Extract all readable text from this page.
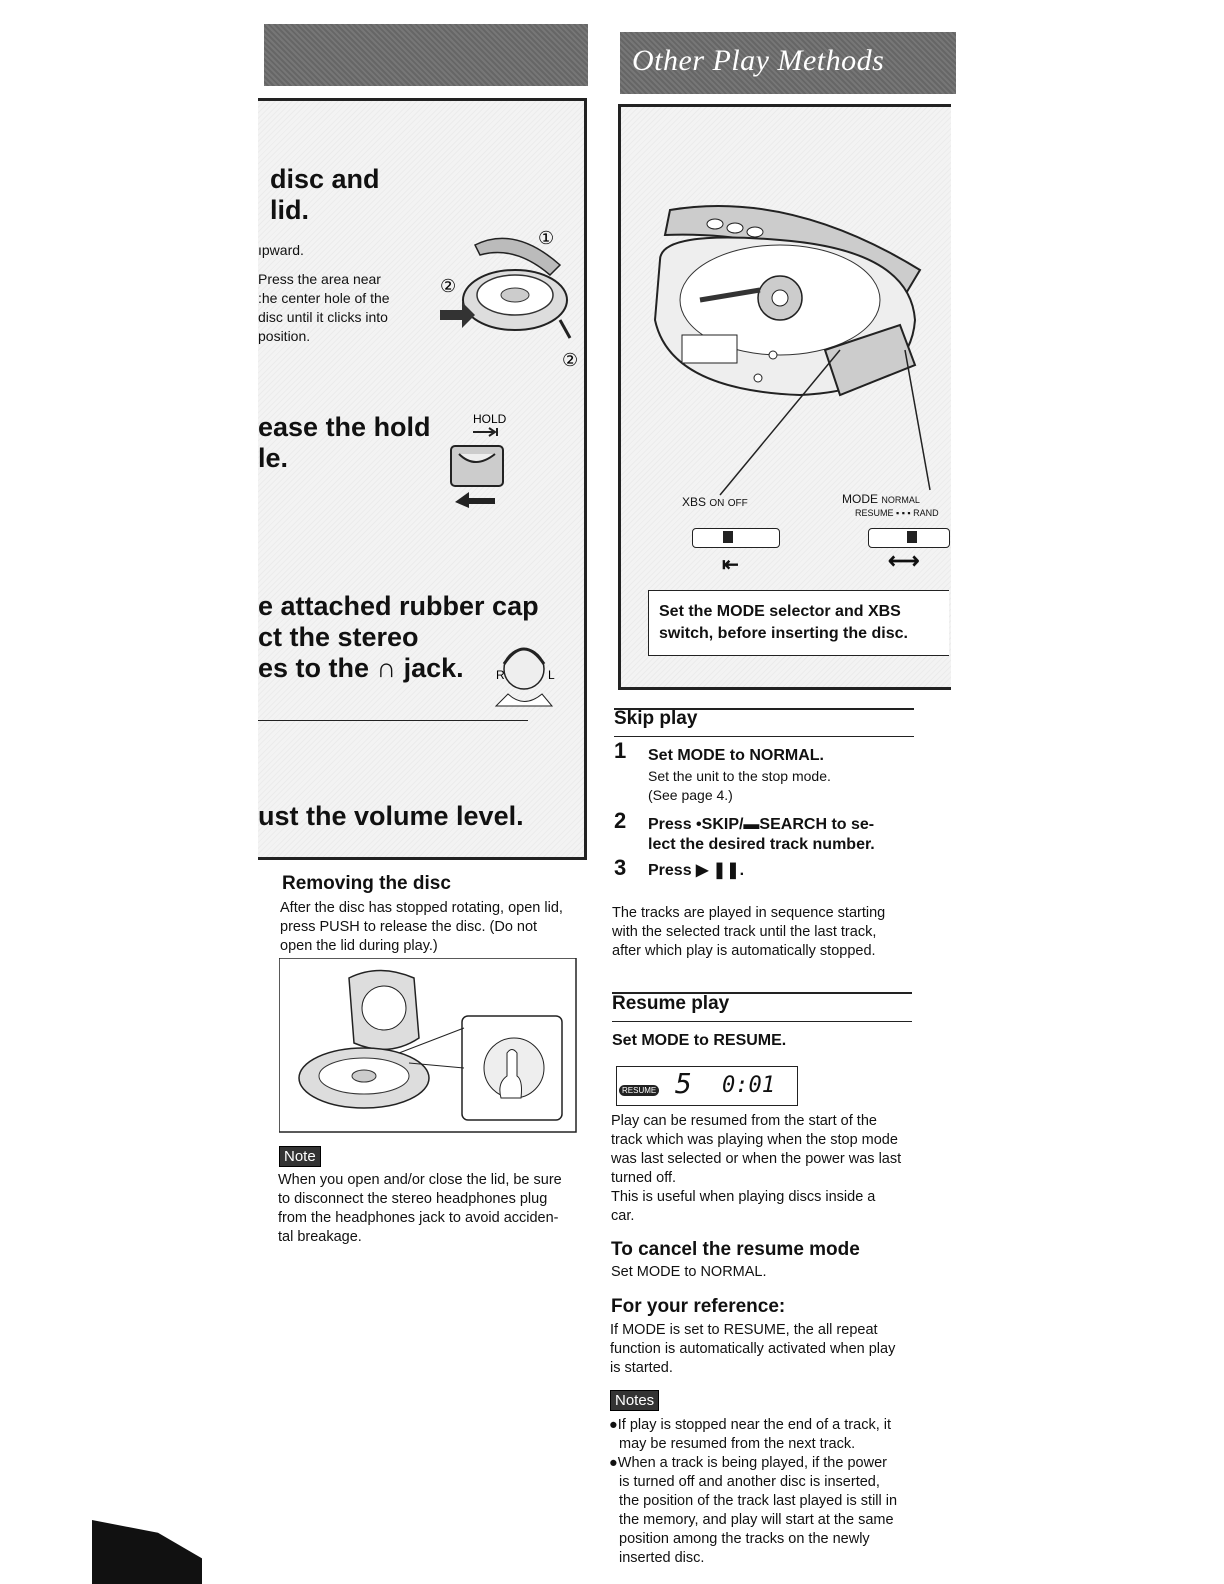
disc and
lid.
ıpward.
Press the area near
:he center hole of the
disc until it clicks into
position.
①
②
②
ease the hold
le.
HOLD
e attached rubber cap
ct the stereo
es to the ∩ jack.	R	L
ust the volume level.
Removing the disc
After the disc has stopped rotating, open lid,
press PUSH to release the disc. (Do not
open the lid during play.)
Note
When you open and/or close the lid, be sure
to disconnect the stereo headphones plug
from the headphones jack to avoid acciden-
tal breakage.
Other Play Methods
XBS ON OFF
⇤
MODE NORMAL
RESUME ▪ ▪ ▪ RAND
⟷
Set the MODE selector and XBS
switch, before inserting the disc.
Skip play
1 Set MODE to NORMAL.
Set the unit to the stop mode.
(See page 4.)
2 Press •SKIP/▬SEARCH to se-
lect the desired track number.
3 Press ▶ ❚❚.
The tracks are played in sequence starting
with the selected track until the last track,
after which play is automatically stopped.
Resume play
Set MODE to RESUME.
RESUME 5 0:01
Play can be resumed from the start of the
track which was playing when the stop mode
was last selected or when the power was last
turned off.
This is useful when playing discs inside a
car.
To cancel the resume mode
Set MODE to NORMAL.
For your reference:
If MODE is set to RESUME, the all repeat
function is automatically activated when play
is started.
Notes
●If play is stopped near the end of a track, it
may be resumed from the next track.
●When a track is being played, if the power
is turned off and another disc is inserted,
the position of the track last played is still in
the memory, and play will start at the same
position among the tracks on the newly
inserted disc.
